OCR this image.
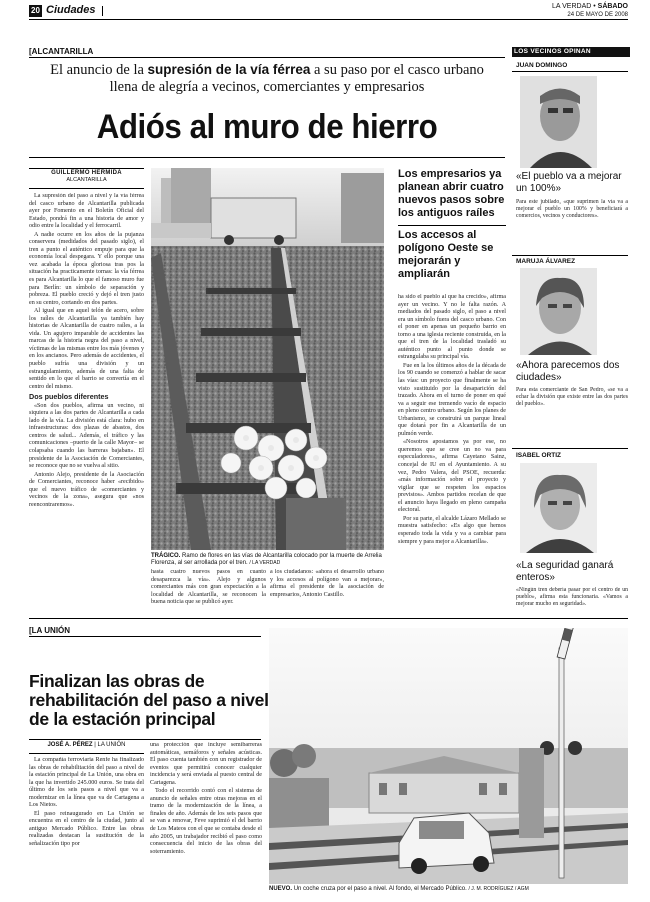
20 Ciudades	LA VERDAD • SÁBADO
24 DE MAYO DE 2008
[ALCANTARILLA
El anuncio de la supresión de la vía férrea a su paso por el casco urbano
llena de alegría a vecinos, comerciantes y empresarios
Adiós al muro de hierro
GUILLERMO HERMIDA
ALCANTARILLA

La supresión del paso a nivel y la vía férrea del casco urbano de Alcantarilla publicada ayer por Fomento en el Boletín Oficial del Estado, pondrá fin a una historia de amor y odio entre la localidad y el ferrocarril.

A nadie ocurre en los años de la pujanza conservera (medidados del pasado siglo), el tren a punto el auténtico empuje para que la economía local despegara. Y ello porque una vez acabada la época gloriosa tras pos la situación ha practicamente tornas: la vía férrea es para Alcantarilla lo que el famoso muro fue para Berlín: un símbolo de separación y pobreza. El pueblo creció y dejó el tren justo en su centro, cortando en dos partes.

Al igual que en aquel telón de acero, sobre los raíles de Alcantarilla ya también hay historias de Alcantarilla de cuatro raíles, a la vida. Un agujero imparable de accidentes las marcas de la historia negra del paso a nivel, víctimas de las mismas entre los más jóvenes y en los ancianos. Pero además de accidentes, el pueblo sufría una división y un estrangulamiento, además de una falta de sentido en lo que el barrio se convertía en el centro del mismo.

Dos pueblos diferentes

«Son dos pueblos, afirma un vecino, ni siquiera a las dos partes de Alcantarilla a cada lado de la vía. La división está clara: hubo en infraestructuras: dos plazas de abastos, dos centros de salud... Además, el tráfico y las comunicaciones –puerto de la calle Mayor– se colapsaba cuando las barreras bajaban». El presidente de la Asociación de Comerciantes, se reconoce que no se vuelva al sitio.

Antonio Alejo, presidente de la Asociación de Comerciantes, reconoce haber «recibido» que el nuevo tráfico de «comerciantes y vecinos de la zona», asegura que «nos reencontraremos».

TRÁGICO. Ramo de flores en las vías de Alcantarilla colocado por la muerte de Arrelia Florenza, al ser arrollada por el tren. / LA VERDAD

hasta cuatro nuevos pasos en cuanto desaparezca la vía». Alejo y algunos comerciantes más con gran expectación a la localidad de Alcantarilla, se reconocen la buena noticia que se publicó ayer.

a los ciudadanos: «ahora el desarrollo urbano y los accesos al polígono van a mejorar», afirma el presidente de la asociación de empresarios, Antonio Castillo.

Los empresarios ya planean abrir cuatro nuevos pasos sobre los antiguos raíles
Los accesos al polígono Oeste se mejorarán y ampliarán

ha sido el pueblo al que ha crecido», afirma ayer un vecino. Y no le falta razón. A mediados del pasado siglo, el paso a nivel era un símbolo fuera del casco urbano. Con el poner en apenas un pequeño barrio en torno a una iglesia reciente construida, en la que el tren de la localidad trasladó su auténtico punto al punto donde se estrangulaba su principal vía.

Fue en la los últimos años de la década de los 90 cuando se comenzó a hablar de sacar las vías: un proyecto que finalmente se ha visto sustituido por la desaparición del trazado. Ahora en el turno de poner en qué va a seguir ese tremendo vacío de espacio en pleno centro urbano. Según los planes de Urbanismo, se construirá un parque lineal que dotará por fin a Alcantarilla de un pulmón verde.

«Nosotros apostamos ya por ese, no queremos que se cree un no va para especuladores», afirma Cayetano Sainz, concejal de IU en el Ayuntamiento. A su vez, Pedro Valera, del PSOE, recuerda: «más información sobre el proyecto y vigilar que se respeten los espacios previstos». Ambos partidos recelan de que el anuncio haya llegado en pleno campaña electoral.

Por su parte, el alcalde Lázaro Mellado se muestra satisfecho: «Es algo que hemos esperado toda la vida y va a cambiar para siempre y para mejor a Alcantarilla».

LOS VECINOS OPINAN
JUAN DOMINGO
«El pueblo va a mejorar un 100%»
Para este jubilado, «que suprimen la vía va a mejorar el pueblo un 100% y beneficiará a comercios, vecinos y conductores».
MARUJA ÁLVAREZ
«Ahora parecemos dos ciudades»
Para esta comerciante de San Pedro, «se va a echar la división que existe entre las dos partes del pueblo».
ISABEL ORTIZ
«La seguridad ganará enteros»
«Ningún tren debería pasar por el centro de un pueblo», afirma esta funcionaria. «Vamos a mejorar mucho en seguridad».
[LA UNIÓN
Finalizan las obras de
rehabilitación del paso a nivel
de la estación principal
JOSÉ A. PÉREZ | LA UNIÓN

La compañía ferroviaria Renfe ha finalizado las obras de rehabilitación del paso a nivel de la estación principal de La Unión, una obra en la que ha invertido 245.000 euros. Se trata del último de los seis pasos a nivel que va a modernizar en la línea que va de Cartagena a Los Nietos.

El paso reinaugurado en La Unión se encuentra en el centro de la ciudad, junto al antiguo Mercado Público. Entre las obras realizadas destacan la sustitución de la señalización tipo por

una protección que incluye semibarreras automáticas, semáforos y señales acústicas. El paso cuenta también con un registrador de eventos que permitirá conocer cualquier incidencia y será enviada al puesto central de Cartagena.

Todo el recorrido contó con el sistema de anuncio de señales entre otras mejoras en el tramo de la modernización de la línea, a finales de año. Además de los seis pasos que se van a renovar, Feve suprimió el del barrio de Los Mateos con el que se contaba desde el año 2005, un trabajador recibió el paso como consecuencia del inicio de las obras del soterramiento.

NUEVO. Un coche cruza por el paso a nivel. Al fondo, el Mercado Público. / J. M. RODRÍGUEZ / AGM
